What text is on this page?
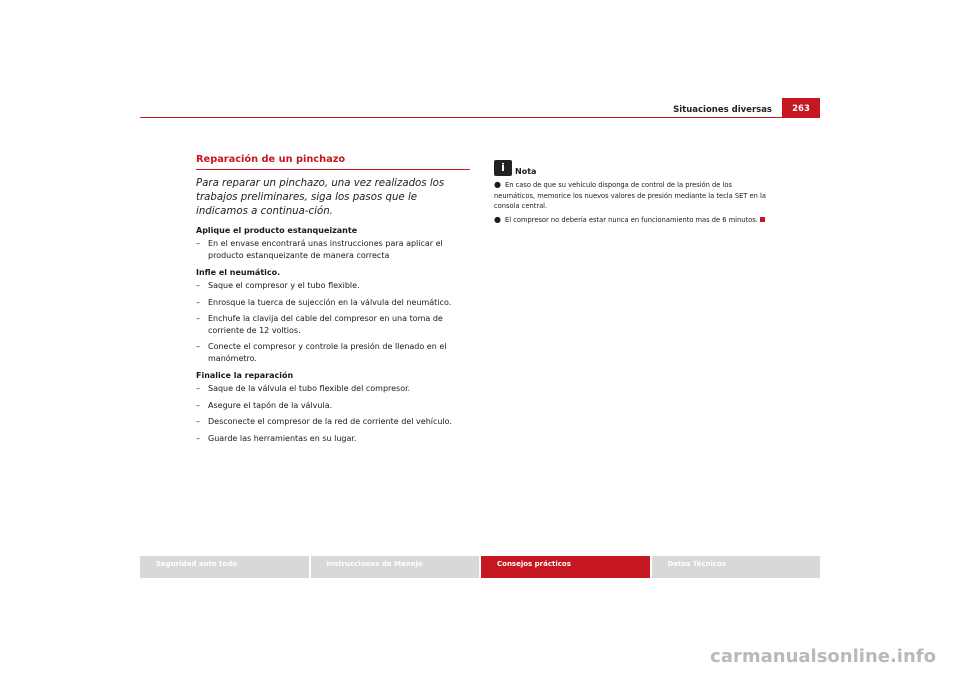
Situaciones diversas	263
Reparación de un pinchazo

Para reparar un pinchazo, una vez realizados los trabajos preliminares, siga los pasos que le indicamos a continua-ción.

Aplique el producto estanqueizante
– En el envase encontrará unas instrucciones para aplicar el producto estanqueizante de manera correcta
Infle el neumático.
– Saque el compresor y el tubo flexible.
– Enrosque la tuerca de sujección en la válvula del neumático.
– Enchufe la clavija del cable del compresor en una toma de corriente de 12 voltios.
– Conecte el compresor y controle la presión de llenado en el manómetro.
Finalice la reparación
– Saque de la válvula el tubo flexible del compresor.
– Asegure el tapón de la válvula.
– Desconecte el compresor de la red de corriente del vehículo.
– Guarde las herramientas en su lugar.
i	Nota

● En caso de que su vehículo disponga de control de la presión de los neumáticos, memorice los nuevos valores de presión mediante la tecla SET en la consola central.

● El compresor no debería estar nunca en funcionamiento mas de 6 minutos.

Seguridad ante todo	Instrucciones de Manejo	Consejos prácticos	Datos Técnicos
carmanualsonline.info
